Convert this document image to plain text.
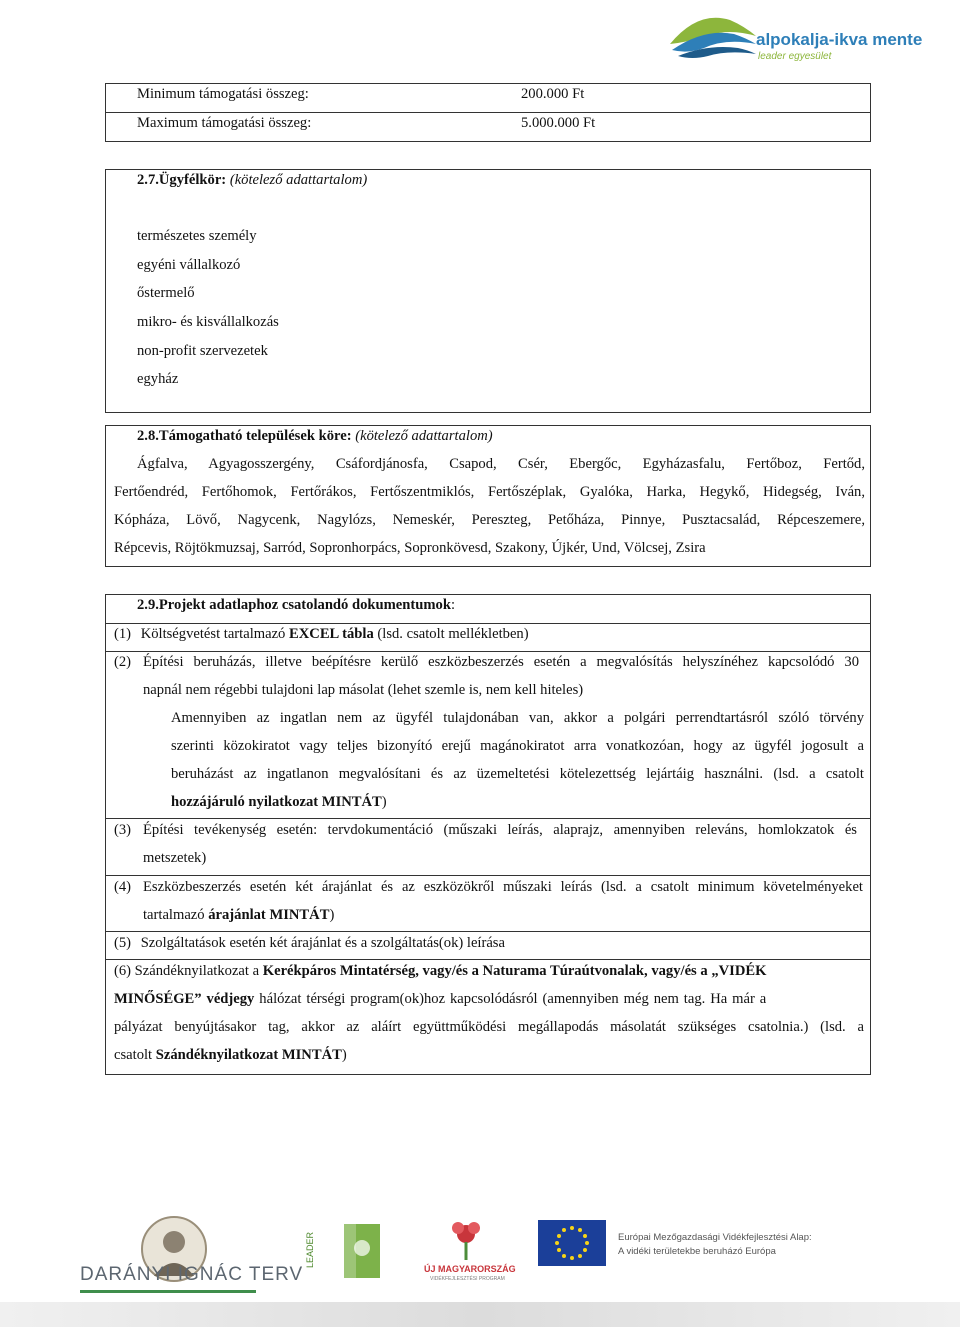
alpokalja-ikva mente
leader egyesület
Minimum támogatási összeg:	200.000 Ft
Maximum támogatási összeg:	5.000.000 Ft
2.7.Ügyfélkör: (kötelező adattartalom)
természetes személy
egyéni vállalkozó
őstermelő
mikro- és kisvállalkozás
non-profit szervezetek
egyház
2.8.Támogatható települések köre: (kötelező adattartalom)
Ágfalva, Agyagosszergény, Csáfordjánosfa, Csapod, Csér, Ebergőc, Egyházasfalu, Fertőboz, Fertőd,
Fertőendréd, Fertőhomok, Fertőrákos, Fertőszentmiklós, Fertőszéplak, Gyalóka, Harka, Hegykő, Hidegség, Iván,
Kópháza, Lövő, Nagycenk, Nagylózs, Nemeskér, Pereszteg, Petőháza, Pinnye, Pusztacsalád, Répceszemere,
Répcevis, Röjtökmuzsaj, Sarród, Sopronhorpács, Sopronkövesd, Szakony, Újkér, Und, Völcsej, Zsira
2.9.Projekt adatlaphoz csatolandó dokumentumok:
(1) Költségvetést tartalmazó EXCEL tábla (lsd. csatolt mellékletben)
(2) Építési beruházás, illetve beépítésre kerülő eszközbeszerzés esetén a megvalósítás helyszínéhez kapcsolódó 30
napnál nem régebbi tulajdoni lap másolat (lehet szemle is, nem kell hiteles)
Amennyiben az ingatlan nem az ügyfél tulajdonában van, akkor a polgári perrendtartásról szóló törvény
szerinti közokiratot vagy teljes bizonyító erejű magánokiratot arra vonatkozóan, hogy az ügyfél jogosult a
beruházást az ingatlanon megvalósítani és az üzemeltetési kötelezettség lejártáig használni. (lsd. a csatolt
hozzájáruló nyilatkozat MINTÁT)
(3) Építési tevékenység esetén: tervdokumentáció (műszaki leírás, alaprajz, amennyiben releváns, homlokzatok és
metszetek)
(4) Eszközbeszerzés esetén két árajánlat és az eszközökről műszaki leírás (lsd. a csatolt minimum követelményeket
tartalmazó árajánlat MINTÁT)
(5) Szolgáltatások esetén két árajánlat és a szolgáltatás(ok) leírása
(6) Szándéknyilatkozat a Kerékpáros Mintatérség, vagy/és a Naturama Túraútvonalak, vagy/és a „VIDÉK
MINŐSÉGE” védjegy hálózat térségi program(ok)hoz kapcsolódásról (amennyiben még nem tag. Ha már a
pályázat benyújtásakor tag, akkor az aláírt együttműködési megállapodás másolatát szükséges csatolnia.) (lsd. a
csatolt Szándéknyilatkozat MINTÁT)
DARÁNYI IGNÁC TERV
LEADER
ÚJ MAGYARORSZÁG
VIDÉKFEJLESZTÉSI PROGRAM
Európai Mezőgazdasági Vidékfejlesztési Alap:
A vidéki területekbe beruházó Európa
